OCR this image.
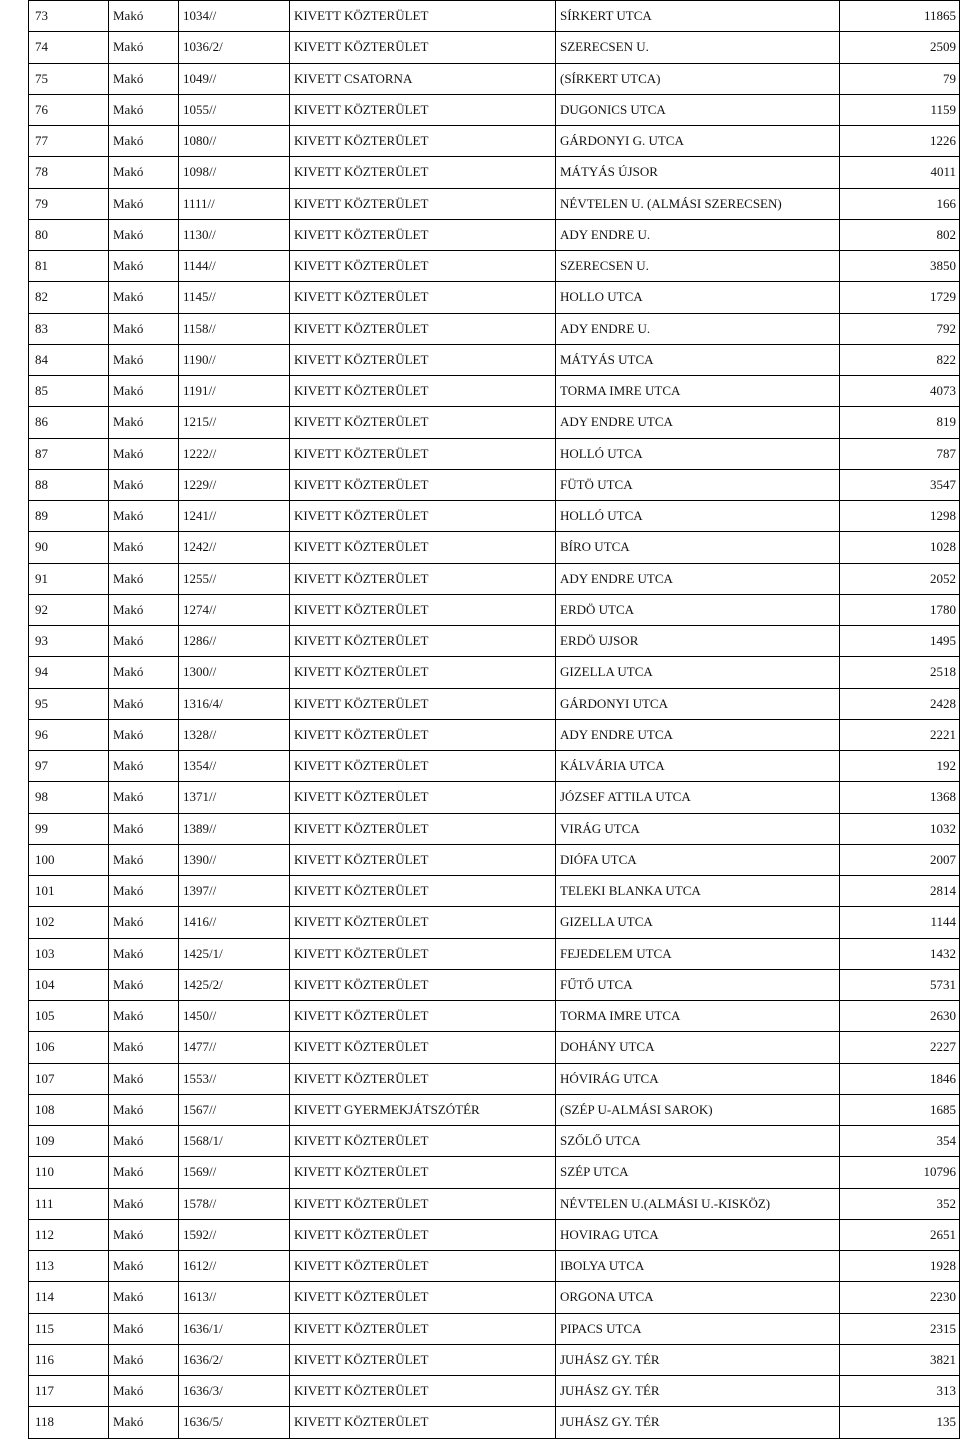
73	Makó	1034//	KIVETT KÖZTERÜLET	SÍRKERT UTCA	11865
74	Makó	1036/2/	KIVETT KÖZTERÜLET	SZERECSEN U.	2509
75	Makó	1049//	KIVETT CSATORNA	(SÍRKERT UTCA)	79
76	Makó	1055//	KIVETT KÖZTERÜLET	DUGONICS UTCA	1159
77	Makó	1080//	KIVETT KÖZTERÜLET	GÁRDONYI G. UTCA	1226
78	Makó	1098//	KIVETT KÖZTERÜLET	MÁTYÁS ÚJSOR	4011
79	Makó	1111//	KIVETT KÖZTERÜLET	NÉVTELEN U. (ALMÁSI SZERECSEN)	166
80	Makó	1130//	KIVETT KÖZTERÜLET	ADY ENDRE U.	802
81	Makó	1144//	KIVETT KÖZTERÜLET	SZERECSEN U.	3850
82	Makó	1145//	KIVETT KÖZTERÜLET	HOLLO UTCA	1729
83	Makó	1158//	KIVETT KÖZTERÜLET	ADY ENDRE U.	792
84	Makó	1190//	KIVETT KÖZTERÜLET	MÁTYÁS UTCA	822
85	Makó	1191//	KIVETT KÖZTERÜLET	TORMA IMRE UTCA	4073
86	Makó	1215//	KIVETT KÖZTERÜLET	ADY ENDRE UTCA	819
87	Makó	1222//	KIVETT KÖZTERÜLET	HOLLÓ UTCA	787
88	Makó	1229//	KIVETT KÖZTERÜLET	FÜTÖ UTCA	3547
89	Makó	1241//	KIVETT KÖZTERÜLET	HOLLÓ UTCA	1298
90	Makó	1242//	KIVETT KÖZTERÜLET	BÍRO UTCA	1028
91	Makó	1255//	KIVETT KÖZTERÜLET	ADY ENDRE UTCA	2052
92	Makó	1274//	KIVETT KÖZTERÜLET	ERDÖ UTCA	1780
93	Makó	1286//	KIVETT KÖZTERÜLET	ERDÖ UJSOR	1495
94	Makó	1300//	KIVETT KÖZTERÜLET	GIZELLA UTCA	2518
95	Makó	1316/4/	KIVETT KÖZTERÜLET	GÁRDONYI UTCA	2428
96	Makó	1328//	KIVETT KÖZTERÜLET	ADY ENDRE UTCA	2221
97	Makó	1354//	KIVETT KÖZTERÜLET	KÁLVÁRIA UTCA	192
98	Makó	1371//	KIVETT KÖZTERÜLET	JÓZSEF ATTILA UTCA	1368
99	Makó	1389//	KIVETT KÖZTERÜLET	VIRÁG UTCA	1032
100	Makó	1390//	KIVETT KÖZTERÜLET	DIÓFA UTCA	2007
101	Makó	1397//	KIVETT KÖZTERÜLET	TELEKI BLANKA UTCA	2814
102	Makó	1416//	KIVETT KÖZTERÜLET	GIZELLA UTCA	1144
103	Makó	1425/1/	KIVETT KÖZTERÜLET	FEJEDELEM UTCA	1432
104	Makó	1425/2/	KIVETT KÖZTERÜLET	FŰTŐ UTCA	5731
105	Makó	1450//	KIVETT KÖZTERÜLET	TORMA IMRE UTCA	2630
106	Makó	1477//	KIVETT KÖZTERÜLET	DOHÁNY UTCA	2227
107	Makó	1553//	KIVETT KÖZTERÜLET	HÓVIRÁG UTCA	1846
108	Makó	1567//	KIVETT GYERMEKJÁTSZÓTÉR	(SZÉP U-ALMÁSI SAROK)	1685
109	Makó	1568/1/	KIVETT KÖZTERÜLET	SZŐLŐ UTCA	354
110	Makó	1569//	KIVETT KÖZTERÜLET	SZÉP UTCA	10796
111	Makó	1578//	KIVETT KÖZTERÜLET	NÉVTELEN U.(ALMÁSI U.-KISKÖZ)	352
112	Makó	1592//	KIVETT KÖZTERÜLET	HOVIRAG UTCA	2651
113	Makó	1612//	KIVETT KÖZTERÜLET	IBOLYA UTCA	1928
114	Makó	1613//	KIVETT KÖZTERÜLET	ORGONA UTCA	2230
115	Makó	1636/1/	KIVETT KÖZTERÜLET	PIPACS UTCA	2315
116	Makó	1636/2/	KIVETT KÖZTERÜLET	JUHÁSZ GY. TÉR	3821
117	Makó	1636/3/	KIVETT KÖZTERÜLET	JUHÁSZ GY. TÉR	313
118	Makó	1636/5/	KIVETT KÖZTERÜLET	JUHÁSZ GY. TÉR	135
